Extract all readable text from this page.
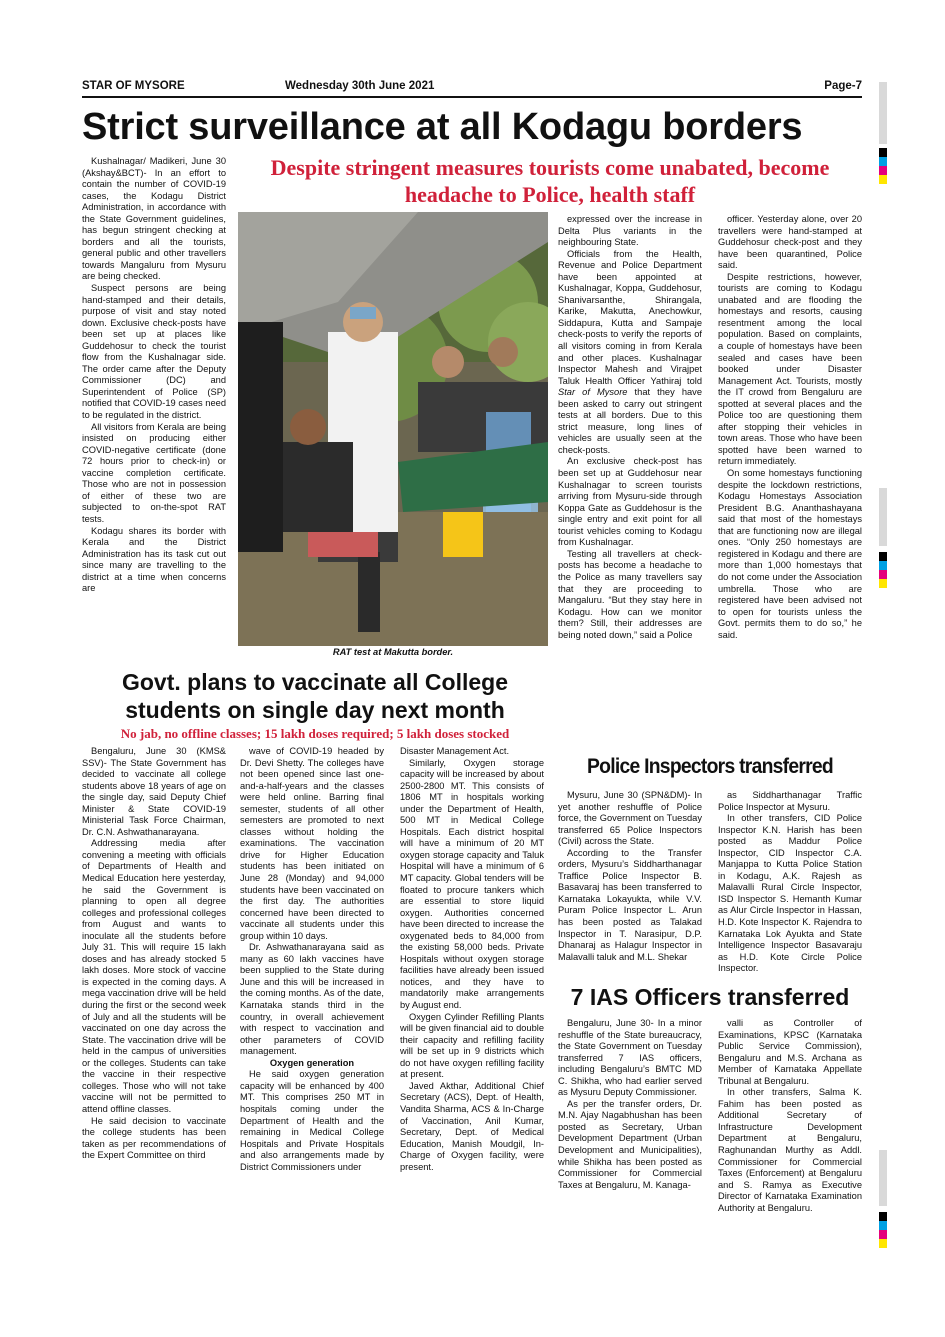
STAR OF MYSORE	Wednesday 30th June 2021	Page-7
Strict surveillance at all Kodagu borders
Despite stringent measures tourists come unabated, become headache to Police, health staff

Kushalnagar/ Madikeri, June 30 (Akshay&BCT)- In an effort to contain the number of COVID-19 cases, the Kodagu District Administration, in accordance with the State Government guidelines, has begun stringent checking at borders and all the tourists, general public and other travellers towards Mangaluru from Mysuru are being checked.

Suspect persons are being hand-stamped and their details, purpose of visit and stay noted down. Exclusive check-posts have been set up at places like Guddehosur to check the tourist flow from the Kushalnagar side. The order came after the Deputy Commissioner (DC) and Superintendent of Police (SP) notified that COVID-19 cases need to be regulated in the district.

All visitors from Kerala are being insisted on producing either COVID-negative certificate (done 72 hours prior to check-in) or vaccine completion certificate. Those who are not in possession of either of these two are subjected to on-the-spot RAT tests.

Kodagu shares its border with Kerala and the District Administration has its task cut out since many are travelling to the district at a time when concerns are

RAT test at Makutta border.

expressed over the increase in Delta Plus variants in the neighbouring State.

Officials from the Health, Revenue and Police Department have been appointed at Kushalnagar, Koppa, Guddehosur, Shanivarsanthe, Shirangala, Karike, Makutta, Anechowkur, Siddapura, Kutta and Sampaje check-posts to verify the reports of all visitors coming in from Kerala and other places. Kushalnagar Inspector Mahesh and Virajpet Taluk Health Officer Yathiraj told Star of Mysore that they have been asked to carry out stringent tests at all borders. Due to this strict measure, long lines of vehicles are usually seen at the check-posts.

An exclusive check-post has been set up at Guddehosur near Kushalnagar to screen tourists arriving from Mysuru-side through Koppa Gate as Guddehosur is the single entry and exit point for all tourist vehicles coming to Kodagu from Kushalnagar.

Testing all travellers at check-posts has become a headache to the Police as many travellers say that they are proceeding to Mangaluru. “But they stay here in Kodagu. How can we monitor them? Still, their addresses are being noted down,” said a Police

officer. Yesterday alone, over 20 travellers were hand-stamped at Guddehosur check-post and they have been quarantined, Police said.

Despite restrictions, however, tourists are coming to Kodagu unabated and are flooding the homestays and resorts, causing resentment among the local population. Based on complaints, a couple of homestays have been sealed and cases have been booked under Disaster Management Act. Tourists, mostly the IT crowd from Bengaluru are spotted at several places and the Police too are questioning them after stopping their vehicles in town areas. Those who have been spotted have been warned to return immediately.

On some homestays functioning despite the lockdown restrictions, Kodagu Homestays Association President B.G. Ananthashayana said that most of the homestays that are functioning now are illegal ones. “Only 250 homestays are registered in Kodagu and there are more than 1,000 homestays that do not come under the Association umbrella. Those who are registered have been advised not to open for tourists unless the Govt. permits them to do so,” he said.

Govt. plans to vaccinate all College students on single day next month
No jab, no offline classes; 15 lakh doses required; 5 lakh doses stocked

Bengaluru, June 30 (KMS& SSV)- The State Government has decided to vaccinate all college students above 18 years of age on the single day, said Deputy Chief Minister & State COVID-19 Ministerial Task Force Chairman, Dr. C.N. Ashwathanarayana.

Addressing media after convening a meeting with officials of Departments of Health and Medical Education here yesterday, he said the Government is planning to open all degree colleges and professional colleges from August and wants to inoculate all the students before July 31. This will require 15 lakh doses and has already stocked 5 lakh doses. More stock of vaccine is expected in the coming days. A mega vaccination drive will be held during the first or the second week of July and all the students will be vaccinated on one day across the State. The vaccination drive will be held in the campus of universities or the colleges. Students can take the vaccine in their respective colleges. Those who will not take vaccine will not be permitted to attend offline classes.

He said decision to vaccinate the college students has been taken as per recommendations of the Expert Committee on third

wave of COVID-19 headed by Dr. Devi Shetty. The colleges have not been opened since last one-and-a-half-years and the classes were held online. Barring final semester, students of all other semesters are promoted to next classes without holding the examinations. The vaccination drive for Higher Education students has been initiated on June 28 (Monday) and 94,000 students have been vaccinated on the first day. The authorities concerned have been directed to vaccinate all students under this group within 10 days.

Dr. Ashwathanarayana said as many as 60 lakh vaccines have been supplied to the State during June and this will be increased in the coming months. As of the date, Karnataka stands third in the country, in overall achievement with respect to vaccination and other parameters of COVID management.

Oxygen generation

He said oxygen generation capacity will be enhanced by 400 MT. This comprises 250 MT in hospitals coming under the Department of Health and the remaining in Medical College Hospitals and Private Hospitals and also arrangements made by District Commissioners under

Disaster Management Act.

Similarly, Oxygen storage capacity will be increased by about 2500-2800 MT. This consists of 1806 MT in hospitals working under the Department of Health, 500 MT in Medical College Hospitals. Each district hospital will have a minimum of 20 MT oxygen storage capacity and Taluk Hospital will have a minimum of 6 MT capacity. Global tenders will be floated to procure tankers which are essential to store liquid oxygen. Authorities concerned have been directed to increase the oxygenated beds to 84,000 from the existing 58,000 beds. Private Hospitals without oxygen storage facilities have already been issued notices, and they have to mandatorily make arrangements by August end.

Oxygen Cylinder Refilling Plants will be given financial aid to double their capacity and refilling facility will be set up in 9 districts which do not have oxygen refilling facility at present.

Javed Akthar, Additional Chief Secretary (ACS), Dept. of Health, Vandita Sharma, ACS & In-Charge of Vaccination, Anil Kumar, Secretary, Dept. of Medical Education, Manish Moudgil, In-Charge of Oxygen facility, were present.

Police Inspectors transferred

Mysuru, June 30 (SPN&DM)- In yet another reshuffle of Police force, the Government on Tuesday transferred 65 Police Inspectors (Civil) across the State.

According to the Transfer orders, Mysuru’s Siddharthanagar Traffice Police Inspector B. Basavaraj has been transferred to Karnataka Lokayukta, while V.V. Puram Police Inspector L. Arun has been posted as Talakad Inspector in T. Narasipur, D.P. Dhanaraj as Halagur Inspector in Malavalli taluk and M.L. Shekar

as Siddharthanagar Traffic Police Inspector at Mysuru.

In other transfers, CID Police Inspector K.N. Harish has been posted as Maddur Police Inspector, CID Inspector C.A. Manjappa to Kutta Police Station in Kodagu, A.K. Rajesh as Malavalli Rural Circle Inspector, ISD Inspector S. Hemanth Kumar as Alur Circle Inspector in Hassan, H.D. Kote Inspector K. Rajendra to Karnataka Lok Ayukta and State Intelligence Inspector Basavaraju as H.D. Kote Circle Police Inspector.

7 IAS Officers transferred

Bengaluru, June 30- In a minor reshuffle of the State bureaucracy, the State Government on Tuesday transferred 7 IAS officers, including Bengaluru’s BMTC MD C. Shikha, who had earlier served as Mysuru Deputy Commissioner.

As per the transfer orders, Dr. M.N. Ajay Nagabhushan has been posted as Secretary, Urban Development Department (Urban Development and Municipalities), while Shikha has been posted as Commissioner for Commercial Taxes at Bengaluru, M. Kanaga-

valli as Controller of Examinations, KPSC (Karnataka Public Service Commission), Bengaluru and M.S. Archana as Member of Karnataka Appellate Tribunal at Bengaluru.

In other transfers, Salma K. Fahim has been posted as Additional Secretary of Infrastructure Development Department at Bengaluru, Raghunandan Murthy as Addl. Commissioner for Commercial Taxes (Enforcement) at Bengaluru and S. Ramya as Executive Director of Karnataka Examination Authority at Bengaluru.
